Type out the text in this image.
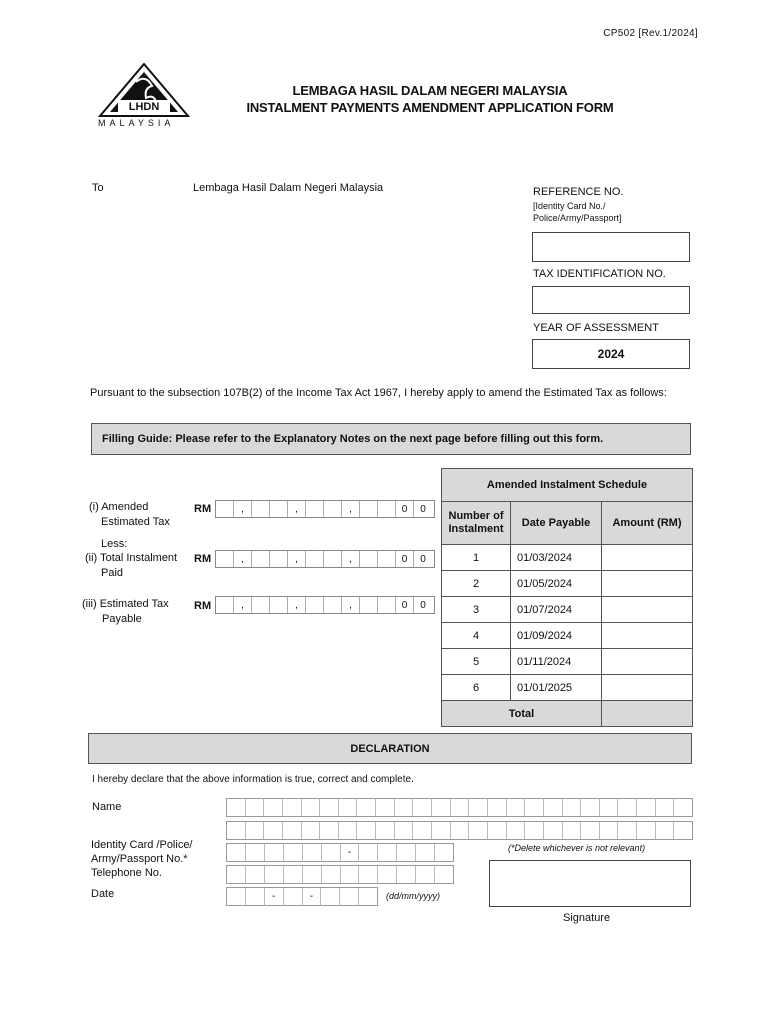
CP502 [Rev.1/2024]
LHDN
MALAYSIA
LEMBAGA HASIL DALAM NEGERI MALAYSIA
INSTALMENT PAYMENTS AMENDMENT APPLICATION FORM
To	Lembaga Hasil Dalam Negeri Malaysia	REFERENCE NO.
[Identity Card No./
Police/Army/Passport]
TAX IDENTIFICATION NO.
YEAR OF ASSESSMENT
2024
Pursuant to the subsection 107B(2) of the Income Tax Act 1967, I hereby apply to amend the Estimated Tax as follows:
Filling Guide: Please refer to the Explanatory Notes on the next page before filling out this form.
(i) Amended
Estimated Tax
RM	,	,	,	0	0
Less:
(ii) Total Instalment
Paid
RM	,	,	,	0	0
(iii) Estimated Tax
Payable
RM	,	,	,	0	0
Amended Instalment Schedule		

Number of
Instalment	Date Payable	Amount (RM)
1	01/03/2024	
2	01/05/2024	
3	01/07/2024	
4	01/09/2024	
5	01/11/2024	
6	01/01/2025	
Total		
DECLARATION
I hereby declare that the above information is true, correct and complete.
Name
Identity Card /Police/
Army/Passport No.*
-	(*Delete whichever is not relevant)
Telephone No.
Date	-	-	(dd/mm/yyyy)
Signature
